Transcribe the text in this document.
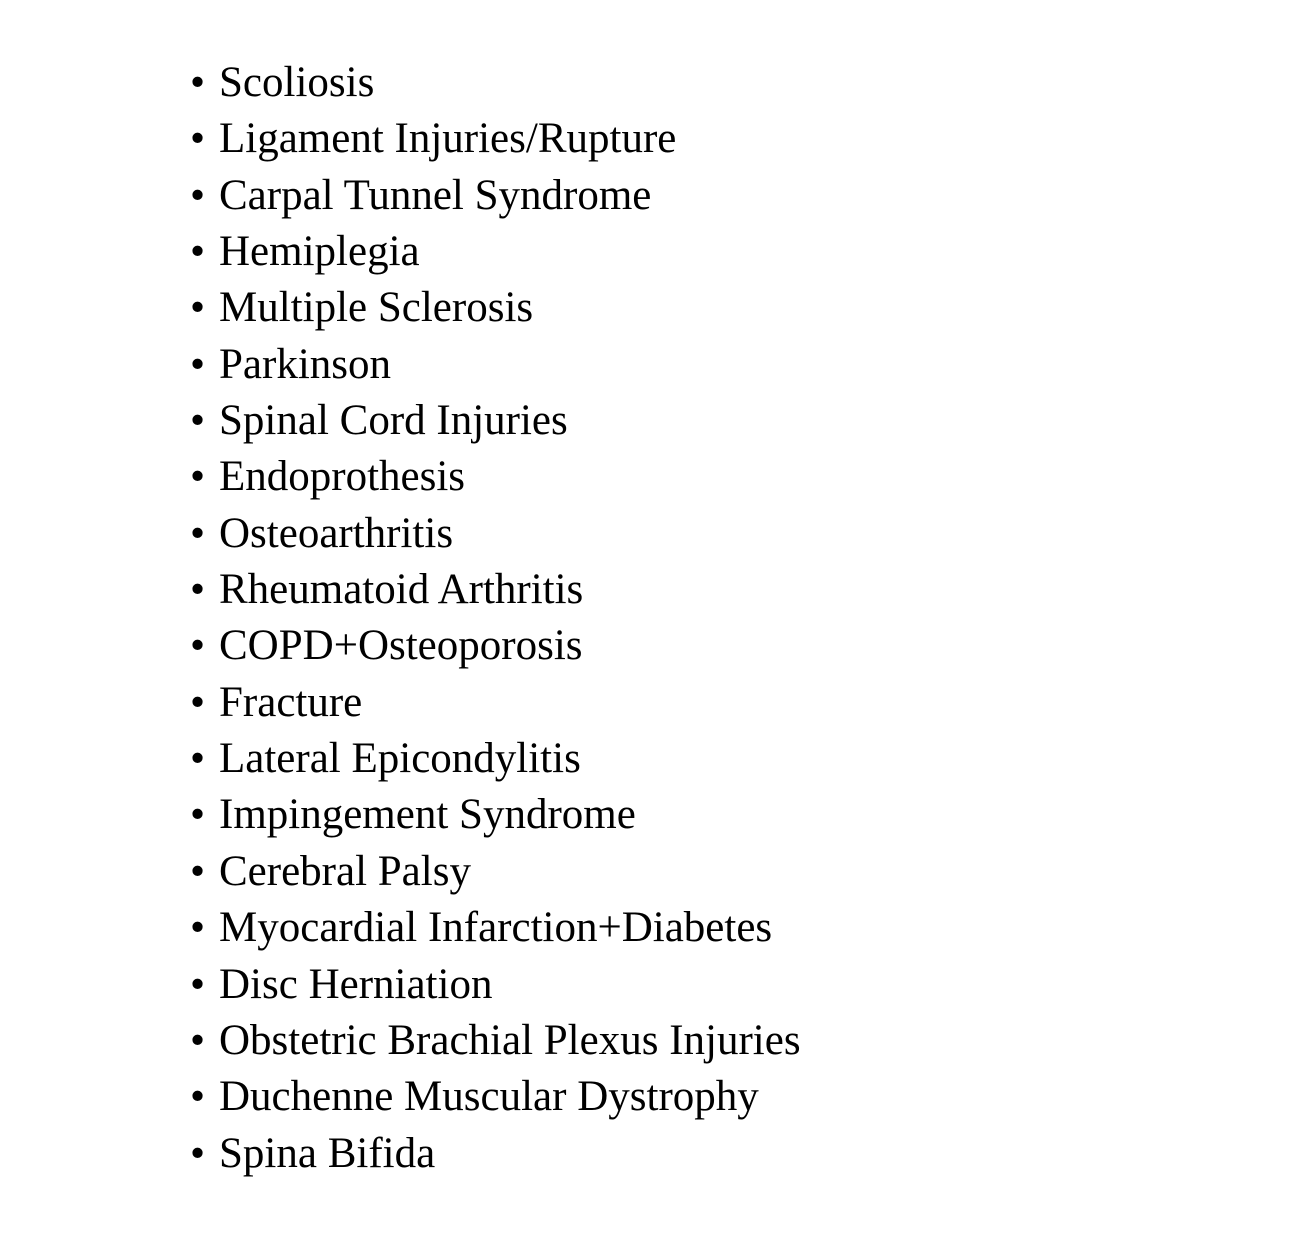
• Scoliosis
• Ligament Injuries/Rupture
• Carpal Tunnel Syndrome
• Hemiplegia
• Multiple Sclerosis
• Parkinson
• Spinal Cord Injuries
• Endoprothesis
• Osteoarthritis
• Rheumatoid Arthritis
• COPD+Osteoporosis
• Fracture
• Lateral Epicondylitis
• Impingement Syndrome
• Cerebral Palsy
• Myocardial Infarction+Diabetes
• Disc Herniation
• Obstetric Brachial Plexus Injuries
• Duchenne Muscular Dystrophy
• Spina Bifida
